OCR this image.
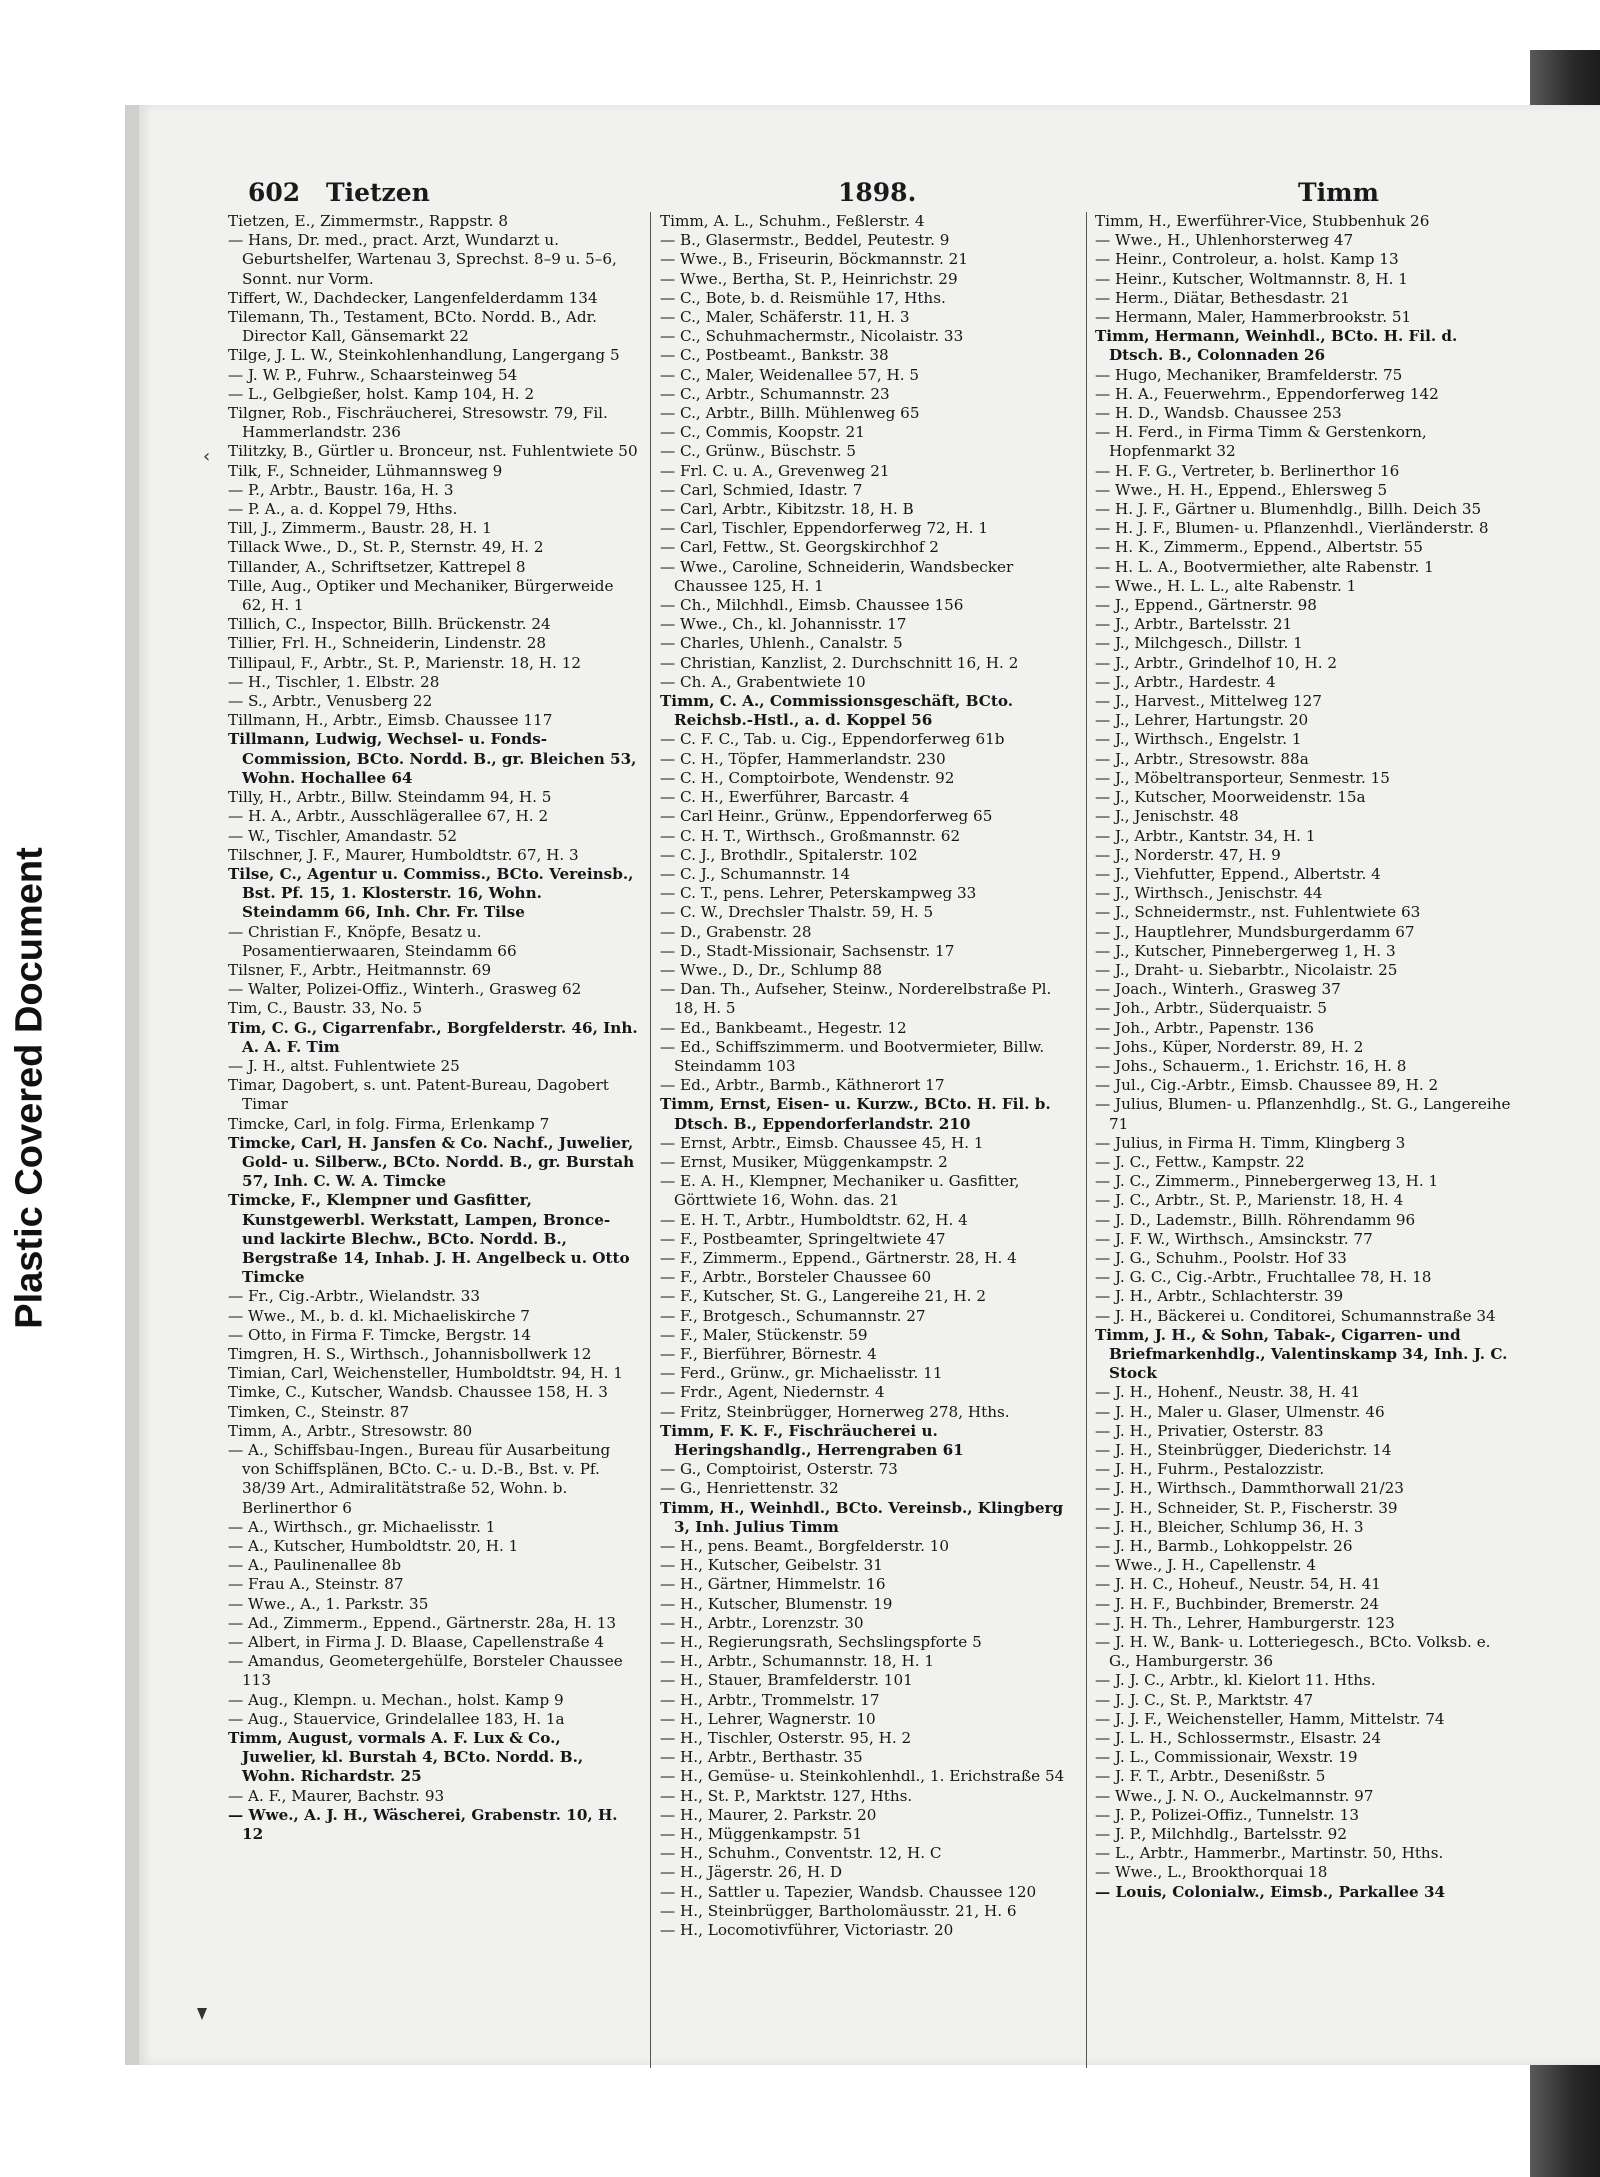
Plastic Covered Document
602 Tietzen	1898.	Timm

Tietzen, E., Zimmermstr., Rappstr. 8

— Hans, Dr. med., pract. Arzt, Wundarzt u. Geburtshelfer, Wartenau 3, Sprechst. 8–9 u. 5–6, Sonnt. nur Vorm.

Tiffert, W., Dachdecker, Langenfelderdamm 134

Tilemann, Th., Testament, BCto. Nordd. B., Adr. Director Kall, Gänsemarkt 22

Tilge, J. L. W., Steinkohlenhandlung, Langergang 5

— J. W. P., Fuhrw., Schaarsteinweg 54

— L., Gelbgießer, holst. Kamp 104, H. 2

Tilgner, Rob., Fischräucherei, Stresowstr. 79, Fil. Hammerlandstr. 236

Tilitzky, B., Gürtler u. Bronceur, nst. Fuhlentwiete 50

Tilk, F., Schneider, Lühmannsweg 9

— P., Arbtr., Baustr. 16a, H. 3

— P. A., a. d. Koppel 79, Hths.

Till, J., Zimmerm., Baustr. 28, H. 1

Tillack Wwe., D., St. P., Sternstr. 49, H. 2

Tillander, A., Schriftsetzer, Kattrepel 8

Tille, Aug., Optiker und Mechaniker, Bürgerweide 62, H. 1

Tillich, C., Inspector, Billh. Brückenstr. 24

Tillier, Frl. H., Schneiderin, Lindenstr. 28

Tillipaul, F., Arbtr., St. P., Marienstr. 18, H. 12

— H., Tischler, 1. Elbstr. 28

— S., Arbtr., Venusberg 22

Tillmann, H., Arbtr., Eimsb. Chaussee 117

Tillmann, Ludwig, Wechsel- u. Fonds-Commission, BCto. Nordd. B., gr. Bleichen 53, Wohn. Hochallee 64

Tilly, H., Arbtr., Billw. Steindamm 94, H. 5

— H. A., Arbtr., Ausschlägerallee 67, H. 2

— W., Tischler, Amandastr. 52

Tilschner, J. F., Maurer, Humboldtstr. 67, H. 3

Tilse, C., Agentur u. Commiss., BCto. Vereinsb., Bst. Pf. 15, 1. Klosterstr. 16, Wohn. Steindamm 66, Inh. Chr. Fr. Tilse

— Christian F., Knöpfe, Besatz u. Posamentierwaaren, Steindamm 66

Tilsner, F., Arbtr., Heitmannstr. 69

— Walter, Polizei-Offiz., Winterh., Grasweg 62

Tim, C., Baustr. 33, No. 5

Tim, C. G., Cigarrenfabr., Borgfelderstr. 46, Inh. A. A. F. Tim

— J. H., altst. Fuhlentwiete 25

Timar, Dagobert, s. unt. Patent-Bureau, Dagobert Timar

Timcke, Carl, in folg. Firma, Erlenkamp 7

Timcke, Carl, H. Jansfen & Co. Nachf., Juwelier, Gold- u. Silberw., BCto. Nordd. B., gr. Burstah 57, Inh. C. W. A. Timcke

Timcke, F., Klempner und Gasfitter, Kunstgewerbl. Werkstatt, Lampen, Bronce- und lackirte Blechw., BCto. Nordd. B., Bergstraße 14, Inhab. J. H. Angelbeck u. Otto Timcke

— Fr., Cig.-Arbtr., Wielandstr. 33

— Wwe., M., b. d. kl. Michaeliskirche 7

— Otto, in Firma F. Timcke, Bergstr. 14

Timgren, H. S., Wirthsch., Johannisbollwerk 12

Timian, Carl, Weichensteller, Humboldtstr. 94, H. 1

Timke, C., Kutscher, Wandsb. Chaussee 158, H. 3

Timken, C., Steinstr. 87

Timm, A., Arbtr., Stresowstr. 80

— A., Schiffsbau-Ingen., Bureau für Ausarbeitung von Schiffsplänen, BCto. C.- u. D.-B., Bst. v. Pf. 38/39 Art., Admiralitätstraße 52, Wohn. b. Berlinerthor 6

— A., Wirthsch., gr. Michaelisstr. 1

— A., Kutscher, Humboldtstr. 20, H. 1

— A., Paulinenallee 8b

— Frau A., Steinstr. 87

— Wwe., A., 1. Parkstr. 35

— Ad., Zimmerm., Eppend., Gärtnerstr. 28a, H. 13

— Albert, in Firma J. D. Blaase, Capellenstraße 4

— Amandus, Geometergehülfe, Borsteler Chaussee 113

— Aug., Klempn. u. Mechan., holst. Kamp 9

— Aug., Stauervice, Grindelallee 183, H. 1a

Timm, August, vormals A. F. Lux & Co., Juwelier, kl. Burstah 4, BCto. Nordd. B., Wohn. Richardstr. 25

— A. F., Maurer, Bachstr. 93

— Wwe., A. J. H., Wäscherei, Grabenstr. 10, H. 12

Timm, A. L., Schuhm., Feßlerstr. 4

— B., Glasermstr., Beddel, Peutestr. 9

— Wwe., B., Friseurin, Böckmannstr. 21

— Wwe., Bertha, St. P., Heinrichstr. 29

— C., Bote, b. d. Reismühle 17, Hths.

— C., Maler, Schäferstr. 11, H. 3

— C., Schuhmachermstr., Nicolaistr. 33

— C., Postbeamt., Bankstr. 38

— C., Maler, Weidenallee 57, H. 5

— C., Arbtr., Schumannstr. 23

— C., Arbtr., Billh. Mühlenweg 65

— C., Commis, Koopstr. 21

— C., Grünw., Büschstr. 5

— Frl. C. u. A., Grevenweg 21

— Carl, Schmied, Idastr. 7

— Carl, Arbtr., Kibitzstr. 18, H. B

— Carl, Tischler, Eppendorferweg 72, H. 1

— Carl, Fettw., St. Georgskirchhof 2

— Wwe., Caroline, Schneiderin, Wandsbecker Chaussee 125, H. 1

— Ch., Milchhdl., Eimsb. Chaussee 156

— Wwe., Ch., kl. Johannisstr. 17

— Charles, Uhlenh., Canalstr. 5

— Christian, Kanzlist, 2. Durchschnitt 16, H. 2

— Ch. A., Grabentwiete 10

Timm, C. A., Commissionsgeschäft, BCto. Reichsb.-Hstl., a. d. Koppel 56

— C. F. C., Tab. u. Cig., Eppendorferweg 61b

— C. H., Töpfer, Hammerlandstr. 230

— C. H., Comptoirbote, Wendenstr. 92

— C. H., Ewerführer, Barcastr. 4

— Carl Heinr., Grünw., Eppendorferweg 65

— C. H. T., Wirthsch., Großmannstr. 62

— C. J., Brothdlr., Spitalerstr. 102

— C. J., Schumannstr. 14

— C. T., pens. Lehrer, Peterskampweg 33

— C. W., Drechsler Thalstr. 59, H. 5

— D., Grabenstr. 28

— D., Stadt-Missionair, Sachsenstr. 17

— Wwe., D., Dr., Schlump 88

— Dan. Th., Aufseher, Steinw., Norderelbstraße Pl. 18, H. 5

— Ed., Bankbeamt., Hegestr. 12

— Ed., Schiffszimmerm. und Bootvermieter, Billw. Steindamm 103

— Ed., Arbtr., Barmb., Käthnerort 17

Timm, Ernst, Eisen- u. Kurzw., BCto. H. Fil. b. Dtsch. B., Eppendorferlandstr. 210

— Ernst, Arbtr., Eimsb. Chaussee 45, H. 1

— Ernst, Musiker, Müggenkampstr. 2

— E. A. H., Klempner, Mechaniker u. Gasfitter, Görttwiete 16, Wohn. das. 21

— E. H. T., Arbtr., Humboldtstr. 62, H. 4

— F., Postbeamter, Springeltwiete 47

— F., Zimmerm., Eppend., Gärtnerstr. 28, H. 4

— F., Arbtr., Borsteler Chaussee 60

— F., Kutscher, St. G., Langereihe 21, H. 2

— F., Brotgesch., Schumannstr. 27

— F., Maler, Stückenstr. 59

— F., Bierführer, Börnestr. 4

— Ferd., Grünw., gr. Michaelisstr. 11

— Frdr., Agent, Niedernstr. 4

— Fritz, Steinbrügger, Hornerweg 278, Hths.

Timm, F. K. F., Fischräucherei u. Heringshandlg., Herrengraben 61

— G., Comptoirist, Osterstr. 73

— G., Henriettenstr. 32

Timm, H., Weinhdl., BCto. Vereinsb., Klingberg 3, Inh. Julius Timm

— H., pens. Beamt., Borgfelderstr. 10

— H., Kutscher, Geibelstr. 31

— H., Gärtner, Himmelstr. 16

— H., Kutscher, Blumenstr. 19

— H., Arbtr., Lorenzstr. 30

— H., Regierungsrath, Sechslingspforte 5

— H., Arbtr., Schumannstr. 18, H. 1

— H., Stauer, Bramfelderstr. 101

— H., Arbtr., Trommelstr. 17

— H., Lehrer, Wagnerstr. 10

— H., Tischler, Osterstr. 95, H. 2

— H., Arbtr., Berthastr. 35

— H., Gemüse- u. Steinkohlenhdl., 1. Erichstraße 54

— H., St. P., Marktstr. 127, Hths.

— H., Maurer, 2. Parkstr. 20

— H., Müggenkampstr. 51

— H., Schuhm., Conventstr. 12, H. C

— H., Jägerstr. 26, H. D

— H., Sattler u. Tapezier, Wandsb. Chaussee 120

— H., Steinbrügger, Bartholomäusstr. 21, H. 6

— H., Locomotivführer, Victoriastr. 20

Timm, H., Ewerführer-Vice, Stubbenhuk 26

— Wwe., H., Uhlenhorsterweg 47

— Heinr., Controleur, a. holst. Kamp 13

— Heinr., Kutscher, Woltmannstr. 8, H. 1

— Herm., Diätar, Bethesdastr. 21

— Hermann, Maler, Hammerbrookstr. 51

Timm, Hermann, Weinhdl., BCto. H. Fil. d. Dtsch. B., Colonnaden 26

— Hugo, Mechaniker, Bramfelderstr. 75

— H. A., Feuerwehrm., Eppendorferweg 142

— H. D., Wandsb. Chaussee 253

— H. Ferd., in Firma Timm & Gerstenkorn, Hopfenmarkt 32

— H. F. G., Vertreter, b. Berlinerthor 16

— Wwe., H. H., Eppend., Ehlersweg 5

— H. J. F., Gärtner u. Blumenhdlg., Billh. Deich 35

— H. J. F., Blumen- u. Pflanzenhdl., Vierländerstr. 8

— H. K., Zimmerm., Eppend., Albertstr. 55

— H. L. A., Bootvermiether, alte Rabenstr. 1

— Wwe., H. L. L., alte Rabenstr. 1

— J., Eppend., Gärtnerstr. 98

— J., Arbtr., Bartelsstr. 21

— J., Milchgesch., Dillstr. 1

— J., Arbtr., Grindelhof 10, H. 2

— J., Arbtr., Hardestr. 4

— J., Harvest., Mittelweg 127

— J., Lehrer, Hartungstr. 20

— J., Wirthsch., Engelstr. 1

— J., Arbtr., Stresowstr. 88a

— J., Möbeltransporteur, Senmestr. 15

— J., Kutscher, Moorweidenstr. 15a

— J., Jenischstr. 48

— J., Arbtr., Kantstr. 34, H. 1

— J., Norderstr. 47, H. 9

— J., Viehfutter, Eppend., Albertstr. 4

— J., Wirthsch., Jenischstr. 44

— J., Schneidermstr., nst. Fuhlentwiete 63

— J., Hauptlehrer, Mundsburgerdamm 67

— J., Kutscher, Pinnebergerweg 1, H. 3

— J., Draht- u. Siebarbtr., Nicolaistr. 25

— Joach., Winterh., Grasweg 37

— Joh., Arbtr., Süderquaistr. 5

— Joh., Arbtr., Papenstr. 136

— Johs., Küper, Norderstr. 89, H. 2

— Johs., Schauerm., 1. Erichstr. 16, H. 8

— Jul., Cig.-Arbtr., Eimsb. Chaussee 89, H. 2

— Julius, Blumen- u. Pflanzenhdlg., St. G., Langereihe 71

— Julius, in Firma H. Timm, Klingberg 3

— J. C., Fettw., Kampstr. 22

— J. C., Zimmerm., Pinnebergerweg 13, H. 1

— J. C., Arbtr., St. P., Marienstr. 18, H. 4

— J. D., Lademstr., Billh. Röhrendamm 96

— J. F. W., Wirthsch., Amsinckstr. 77

— J. G., Schuhm., Poolstr. Hof 33

— J. G. C., Cig.-Arbtr., Fruchtallee 78, H. 18

— J. H., Arbtr., Schlachterstr. 39

— J. H., Bäckerei u. Conditorei, Schumannstraße 34

Timm, J. H., & Sohn, Tabak-, Cigarren- und Briefmarkenhdlg., Valentinskamp 34, Inh. J. C. Stock

— J. H., Hohenf., Neustr. 38, H. 41

— J. H., Maler u. Glaser, Ulmenstr. 46

— J. H., Privatier, Osterstr. 83

— J. H., Steinbrügger, Diederichstr. 14

— J. H., Fuhrm., Pestalozzistr.

— J. H., Wirthsch., Dammthorwall 21/23

— J. H., Schneider, St. P., Fischerstr. 39

— J. H., Bleicher, Schlump 36, H. 3

— J. H., Barmb., Lohkoppelstr. 26

— Wwe., J. H., Capellenstr. 4

— J. H. C., Hoheuf., Neustr. 54, H. 41

— J. H. F., Buchbinder, Bremerstr. 24

— J. H. Th., Lehrer, Hamburgerstr. 123

— J. H. W., Bank- u. Lotteriegesch., BCto. Volksb. e. G., Hamburgerstr. 36

— J. J. C., Arbtr., kl. Kielort 11. Hths.

— J. J. C., St. P., Marktstr. 47

— J. J. F., Weichensteller, Hamm, Mittelstr. 74

— J. L. H., Schlossermstr., Elsastr. 24

— J. L., Commissionair, Wexstr. 19

— J. F. T., Arbtr., Desenißstr. 5

— Wwe., J. N. O., Auckelmannstr. 97

— J. P., Polizei-Offiz., Tunnelstr. 13

— J. P., Milchhdlg., Bartelsstr. 92

— L., Arbtr., Hammerbr., Martinstr. 50, Hths.

— Wwe., L., Brookthorquai 18

— Louis, Colonialw., Eimsb., Parkallee 34

‹
